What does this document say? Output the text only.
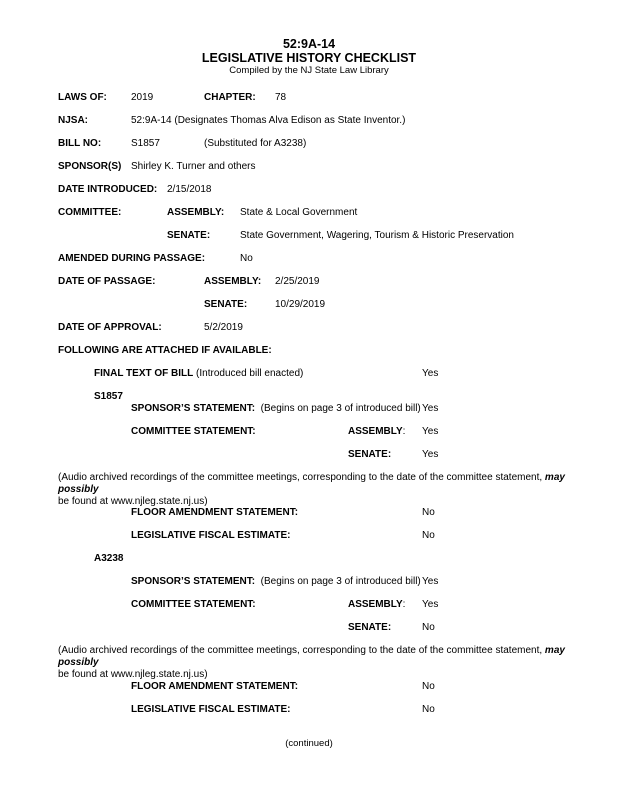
52:9A-14
LEGISLATIVE HISTORY CHECKLIST
Compiled by the NJ State Law Library
LAWS OF: 2019	CHAPTER: 78
NJSA:	52:9A-14 (Designates Thomas Alva Edison as State Inventor.)
BILL NO:	S1857	(Substituted for A3238)
SPONSOR(S) Shirley K. Turner and others
DATE INTRODUCED: 2/15/2018
COMMITTEE:	ASSEMBLY: State & Local Government
SENATE:	State Government, Wagering, Tourism & Historic Preservation
AMENDED DURING PASSAGE:	No
DATE OF PASSAGE:	ASSEMBLY: 2/25/2019
SENATE:	10/29/2019
DATE OF APPROVAL:	5/2/2019
FOLLOWING ARE ATTACHED IF AVAILABLE:
FINAL TEXT OF BILL (Introduced bill enacted)	Yes
S1857
SPONSOR’S STATEMENT: (Begins on page 3 of introduced bill) Yes
COMMITTEE STATEMENT:	ASSEMBLY: Yes
SENATE:	Yes
(Audio archived recordings of the committee meetings, corresponding to the date of the committee statement, may possibly
be found at www.njleg.state.nj.us)
FLOOR AMENDMENT STATEMENT:	No
LEGISLATIVE FISCAL ESTIMATE:	No
A3238
SPONSOR’S STATEMENT: (Begins on page 3 of introduced bill) Yes
COMMITTEE STATEMENT:	ASSEMBLY: Yes
SENATE:	No
(Audio archived recordings of the committee meetings, corresponding to the date of the committee statement, may possibly
be found at www.njleg.state.nj.us)
FLOOR AMENDMENT STATEMENT:	No
LEGISLATIVE FISCAL ESTIMATE:	No
(continued)
